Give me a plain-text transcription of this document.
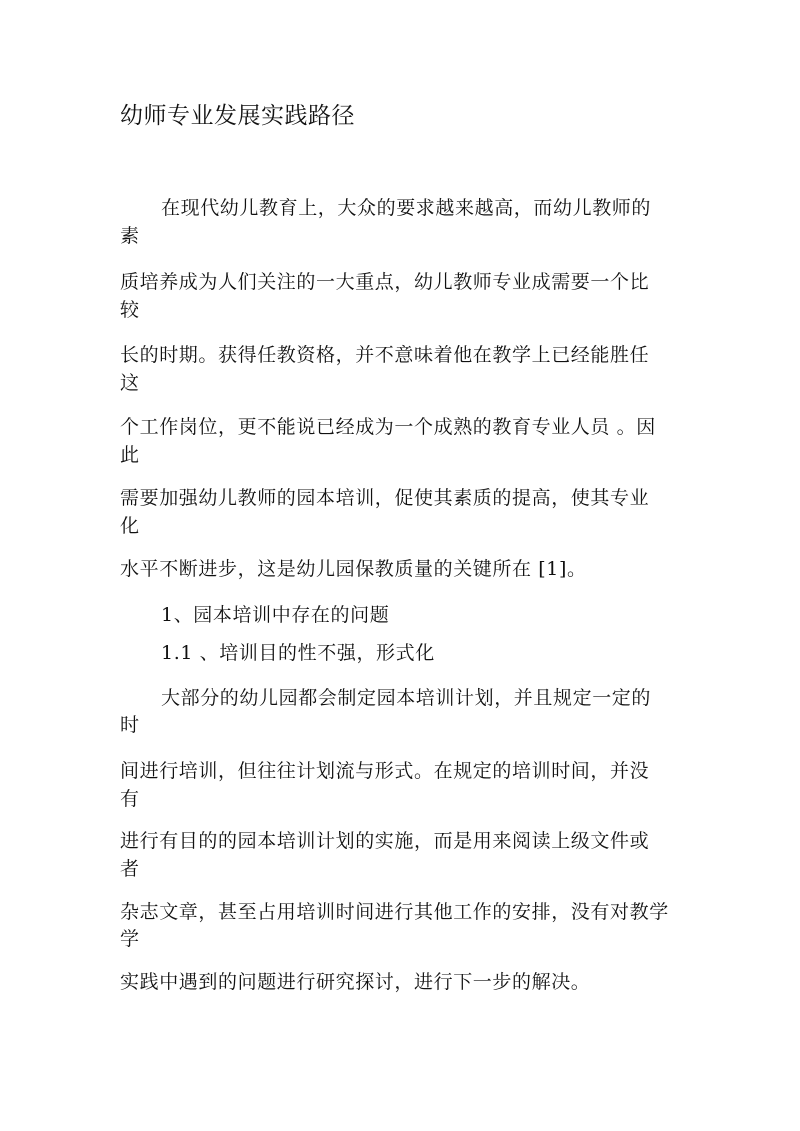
幼师专业发展实践路径
在现代幼儿教育上，大众的要求越来越高，而幼儿教师的
素
质培养成为人们关注的一大重点，幼儿教师专业成需要一个比
较
长的时期。获得任教资格，并不意味着他在教学上已经能胜任
这
个工作岗位，更不能说已经成为一个成熟的教育专业人员 。因
此
需要加强幼儿教师的园本培训，促使其素质的提高，使其专业
化
水平不断进步，这是幼儿园保教质量的关键所在 [1]。
1、园本培训中存在的问题
1.1 、培训目的性不强，形式化
大部分的幼儿园都会制定园本培训计划，并且规定一定的
时
间进行培训，但往往计划流与形式。在规定的培训时间，并没
有
进行有目的的园本培训计划的实施，而是用来阅读上级文件或
者
杂志文章，甚至占用培训时间进行其他工作的安排，没有对教学
学
实践中遇到的问题进行研究探讨，进行下一步的解决。
